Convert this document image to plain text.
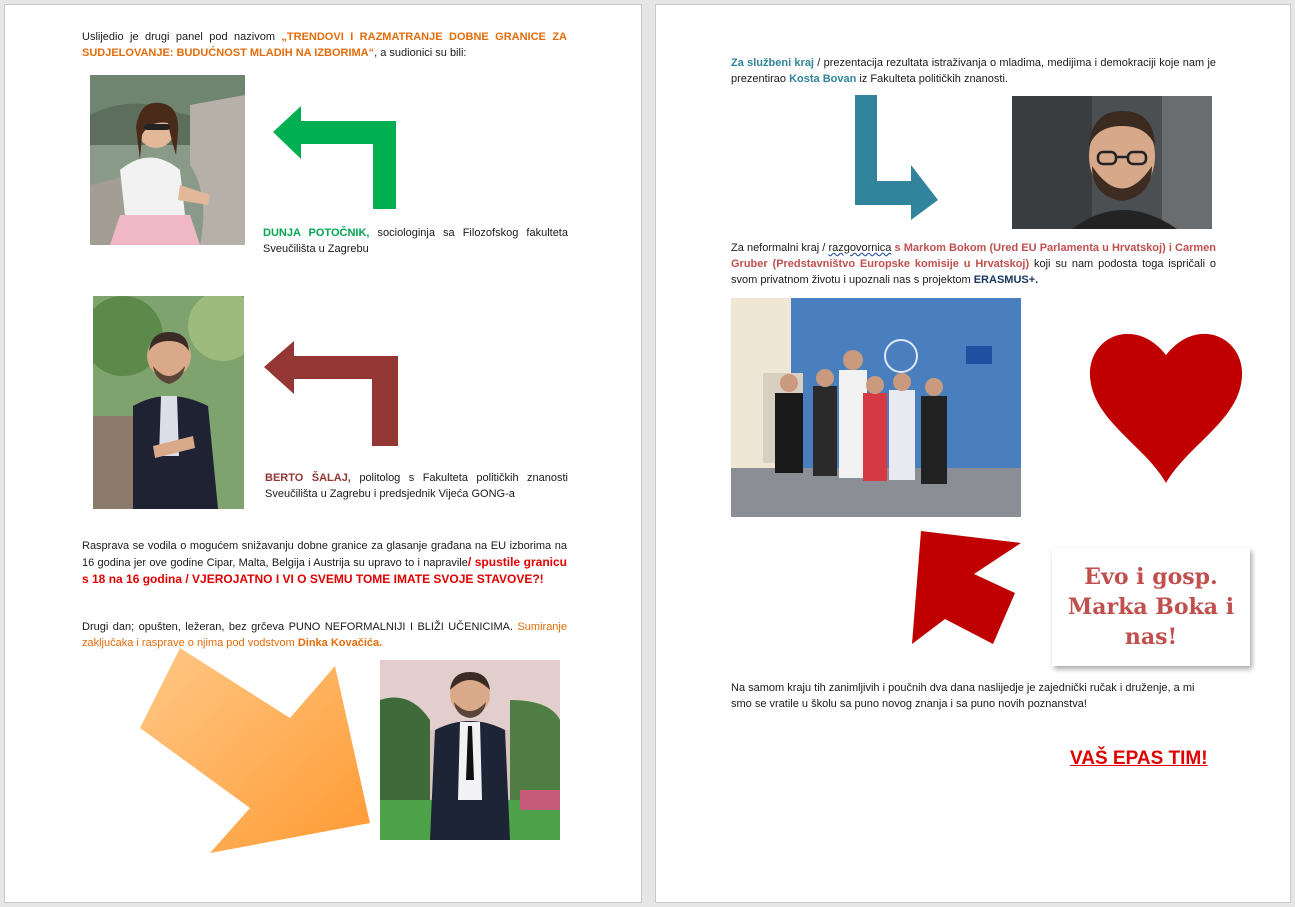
Uslijedio je drugi panel pod nazivom „TRENDOVI I RAZMATRANJE DOBNE GRANICE ZA SUDJELOVANJE: BUDUĆNOST MLADIH NA IZBORIMA“, a sudionici su bili:
DUNJA POTOČNIK, sociologinja sa Filozofskog fakulteta Sveučilišta u Zagrebu
BERTO ŠALAJ, politolog s Fakulteta političkih znanosti Sveučilišta u Zagrebu i predsjednik Vijeća GONG-a
Rasprava se vodila o mogućem snižavanju dobne granice za glasanje građana na EU izborima na 16 godina jer ove godine Cipar, Malta, Belgija i Austrija su upravo to i napravile/ spustile granicu s 18 na 16 godina / VJEROJATNO I VI O SVEMU TOME IMATE SVOJE STAVOVE?!
Drugi dan; opušten, ležeran, bez grčeva PUNO NEFORMALNIJI I BLIŽI UČENICIMA. Sumiranje zaključaka i rasprave o njima pod vodstvom Dinka Kovačića.
Za službeni kraj / prezentacija rezultata istraživanja o mladima, medijima i demokraciji koje nam je prezentirao Kosta Bovan iz Fakulteta političkih znanosti.
Za neformalni kraj / razgovornica s Markom Bokom (Ured EU Parlamenta u Hrvatskoj) i Carmen Gruber (Predstavništvo Europske komisije u Hrvatskoj) koji su nam podosta toga ispričali o svom privatnom životu i upoznali nas s projektom ERASMUS+.
Evo i gosp.
Marka Boka i
nas!
Na samom kraju tih zanimljivih i poučnih dva dana naslijedje je zajednički ručak i druženje, a mi smo se vratile u školu sa puno novog znanja i sa puno novih poznanstva!
VAŠ EPAS TIM!
